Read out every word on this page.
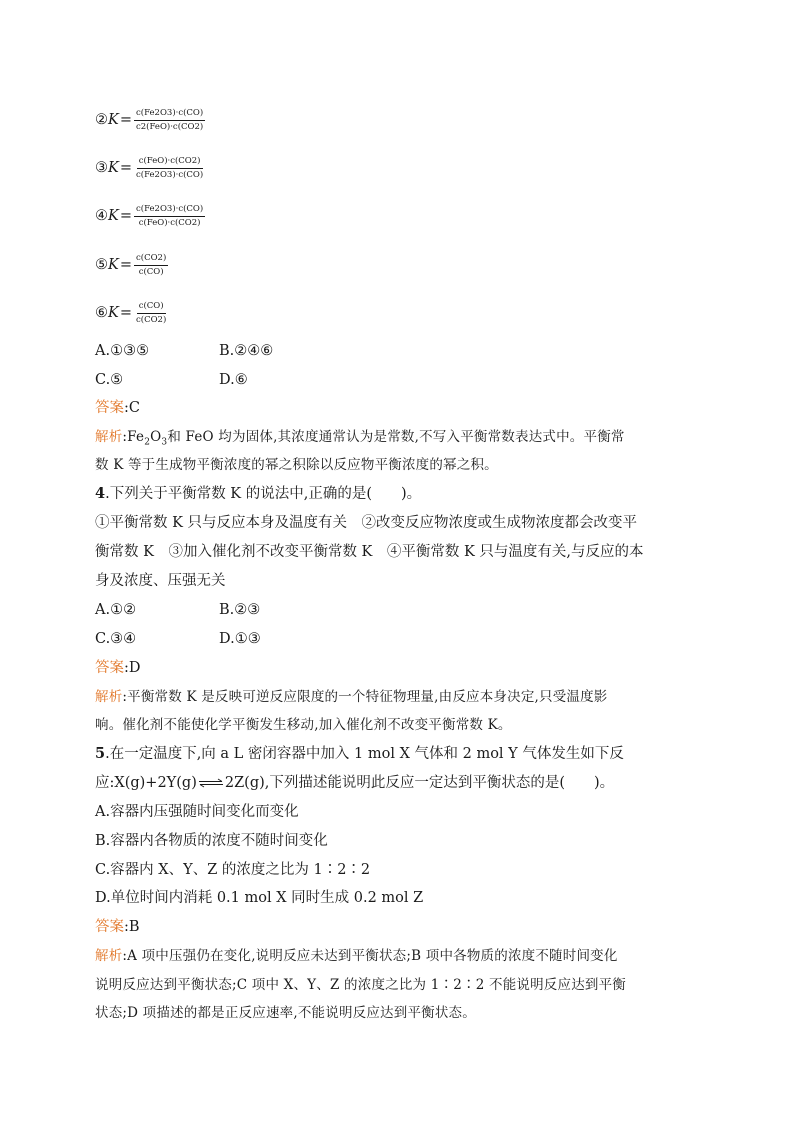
② $K = \frac{c(Fe2O3)\cdot c(CO)}{\text{c2(FeO)·c(CO2)}}$
③ $K = \frac{\text{c(FeO)·c(CO2)}}{c(Fe2O3)\cdot c(CO)}$
④ $K = \frac{c(Fe2O3)\cdot c(CO)}{\text{c(FeO)·c(CO2)}}$
⑤ $K = \frac{c(CO2)}{c(CO)}$
⑥ $K = \frac{c(CO)}{c(CO2)}$
A.①③⑤	B.②④⑥
C.⑤	D.⑥
答案:C
解析$:Fe_2O_3$和 FeO 均为固体,其浓度通常认为是常数,不写入平衡常数表达式中。平衡常
数 K 等于生成物平衡浓度的幂之积除以反应物平衡浓度的幂之积。
4.下列关于平衡常数 K 的说法中,正确的是(　　)。
①平衡常数 K 只与反应本身及温度有关　②改变反应物浓度或生成物浓度都会改变平
衡常数 K　③加入催化剂不改变平衡常数 K　④平衡常数 K 只与温度有关,与反应的本
身及浓度、压强无关
A.①②	B.②③
C.③④	D.①③
答案:D
解析:平衡常数 K 是反映可逆反应限度的一个特征物理量,由反应本身决定,只受温度影
响。催化剂不能使化学平衡发生移动,加入催化剂不改变平衡常数 K。
5.在一定温度下,向 a L 密闭容器中加入 1 mol X 气体和 2 mol Y 气体发生如下反
应:X(g)+2Y(g)⇌2Z(g),下列描述能说明此反应一定达到平衡状态的是(　　)。
A.容器内压强随时间变化而变化
B.容器内各物质的浓度不随时间变化
C.容器内 X、Y、Z 的浓度之比为 1∶2∶2
D.单位时间内消耗 0.1 mol X 同时生成 0.2 mol Z
答案:B
解析:A 项中压强仍在变化,说明反应未达到平衡状态;B 项中各物质的浓度不随时间变化
说明反应达到平衡状态;C 项中 X、Y、Z 的浓度之比为 1∶2∶2 不能说明反应达到平衡
状态;D 项描述的都是正反应速率,不能说明反应达到平衡状态。
